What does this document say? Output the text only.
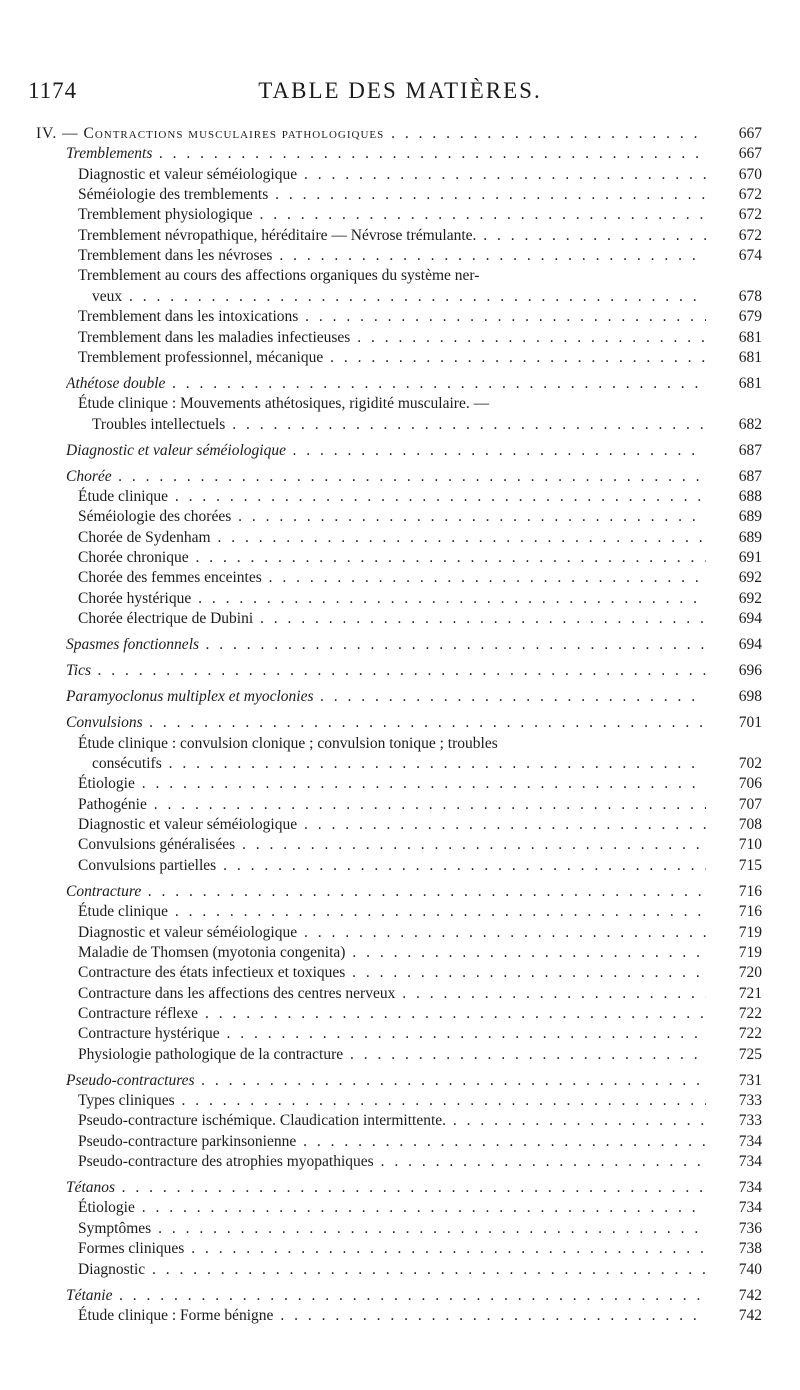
1174	TABLE DES MATIÈRES.
IV. — Contractions musculaires pathologiques . . .	667
Tremblements . . .	667
Diagnostic et valeur séméiologique . . .	670
Séméiologie des tremblements . . .	672
Tremblement physiologique . . .	672
Tremblement névropathique, héréditaire — Névrose trémulante. . . .	672
Tremblement dans les névroses . . .	674
Tremblement au cours des affections organiques du système ner-
veux . . .	678
Tremblement dans les intoxications . . .	679
Tremblement dans les maladies infectieuses . . .	681
Tremblement professionnel, mécanique . . .	681
Athétose double . . .	681
Étude clinique : Mouvements athétosiques, rigidité musculaire. —
Troubles intellectuels . . .	682
Diagnostic et valeur séméiologique . . .	687
Chorée . . .	687
Étude clinique . . .	688
Séméiologie des chorées . . .	689
Chorée de Sydenham . . .	689
Chorée chronique . . .	691
Chorée des femmes enceintes . . .	692
Chorée hystérique . . .	692
Chorée électrique de Dubini . . .	694
Spasmes fonctionnels . . .	694
Tics . . .	696
Paramyoclonus multiplex et myoclonies . . .	698
Convulsions . . .	701
Étude clinique : convulsion clonique ; convulsion tonique ; troubles
consécutifs . . .	702
Étiologie . . .	706
Pathogénie . . .	707
Diagnostic et valeur séméiologique . . .	708
Convulsions généralisées . . .	710
Convulsions partielles . . .	715
Contracture . . .	716
Étude clinique . . .	716
Diagnostic et valeur séméiologique . . .	719
Maladie de Thomsen (myotonia congenita) . . .	719
Contracture des états infectieux et toxiques . . .	720
Contracture dans les affections des centres nerveux . . .	721
Contracture réflexe . . .	722
Contracture hystérique . . .	722
Physiologie pathologique de la contracture . . .	725
Pseudo-contractures . . .	731
Types cliniques . . .	733
Pseudo-contracture ischémique. Claudication intermittente. . . .	733
Pseudo-contracture parkinsonienne . . .	734
Pseudo-contracture des atrophies myopathiques . . .	734
Tétanos . . .	734
Étiologie . . .	734
Symptômes . . .	736
Formes cliniques . . .	738
Diagnostic . . .	740
Tétanie . . .	742
Étude clinique : Forme bénigne . . .	742
